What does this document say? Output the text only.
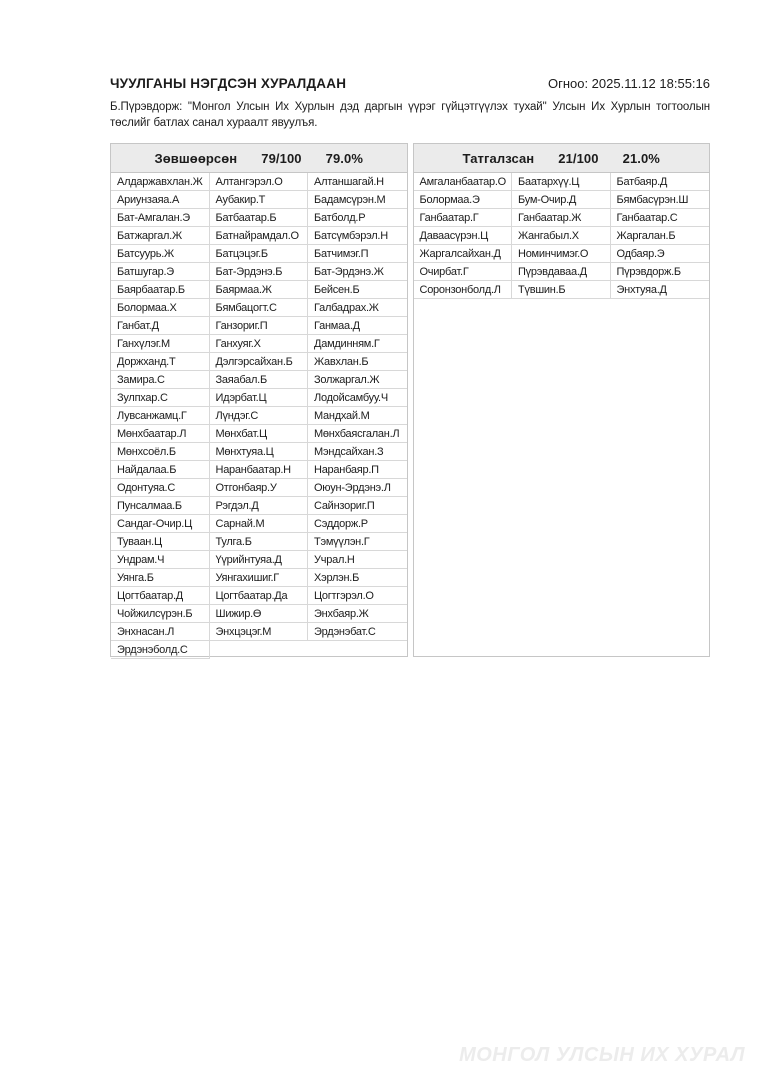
ЧУУЛГАНЫ НЭГДСЭН ХУРАЛДААН	Огноо: 2025.11.12 18:55:16

Б.Пүрэвдорж: "Монгол Улсын Их Хурлын дэд даргын үүрэг гүйцэтгүүлэх тухай" Улсын Их Хурлын тогтоолын төслийг батлах санал хураалт явуулъя.

Зөвшөөрсөн 79/100 79.0%
Алдаржавхлан.Ж	Алтангэрэл.О	Алтаншагай.Н
Ариунзаяа.А	Аубакир.Т	Бадамсүрэн.М
Бат-Амгалан.Э	Батбаатар.Б	Батболд.Р
Батжаргал.Ж	Батнайрамдал.О	Батсүмбэрэл.Н
Батсуурь.Ж	Батцэцэг.Б	Батчимэг.П
Батшугар.Э	Бат-Эрдэнэ.Б	Бат-Эрдэнэ.Ж
Баярбаатар.Б	Баярмаа.Ж	Бейсен.Б
Болормаа.Х	Бямбацогт.С	Галбадрах.Ж
Ганбат.Д	Ганзориг.П	Ганмаа.Д
Ганхүлэг.М	Ганхуяг.Х	Дамдинням.Г
Доржханд.Т	Дэлгэрсайхан.Б	Жавхлан.Б
Замира.С	Заяабал.Б	Золжаргал.Ж
Зулпхар.С	Идэрбат.Ц	Лодойсамбуу.Ч
Лувсанжамц.Г	Лүндэг.С	Мандхай.М
Мөнхбаатар.Л	Мөнхбат.Ц	Мөнхбаясгалан.Л
Мөнхсоёл.Б	Мөнхтуяа.Ц	Мэндсайхан.З
Найдалаа.Б	Наранбаатар.Н	Наранбаяр.П
Одонтуяа.С	Отгонбаяр.У	Оюун-Эрдэнэ.Л
Пунсалмаа.Б	Рэгдэл.Д	Сайнзориг.П
Сандаг-Очир.Ц	Сарнай.М	Сэддорж.Р
Туваан.Ц	Тулга.Б	Тэмүүлэн.Г
Ундрам.Ч	Үүрийнтуяа.Д	Учрал.Н
Уянга.Б	Уянгахишиг.Г	Хэрлэн.Б
Цогтбаатар.Д	Цогтбаатар.Да	Цогтгэрэл.О
Чойжилсүрэн.Б	Шижир.Ө	Энхбаяр.Ж
Энхнасан.Л	Энхцэцэг.М	Эрдэнэбат.С
Эрдэнэболд.С
Татгалзсан 21/100 21.0%
Амгаланбаатар.О	Баатархүү.Ц	Батбаяр.Д
Болормаа.Э	Бум-Очир.Д	Бямбасүрэн.Ш
Ганбаатар.Г	Ганбаатар.Ж	Ганбаатар.С
Даваасүрэн.Ц	Жангабыл.Х	Жаргалан.Б
Жаргалсайхан.Д	Номинчимэг.О	Одбаяр.Э
Очирбат.Г	Пүрэвдаваа.Д	Пүрэвдорж.Б
Соронзонболд.Л	Түвшин.Б	Энхтуяа.Д
МОНГОЛ УЛСЫН ИХ ХУРАЛ
